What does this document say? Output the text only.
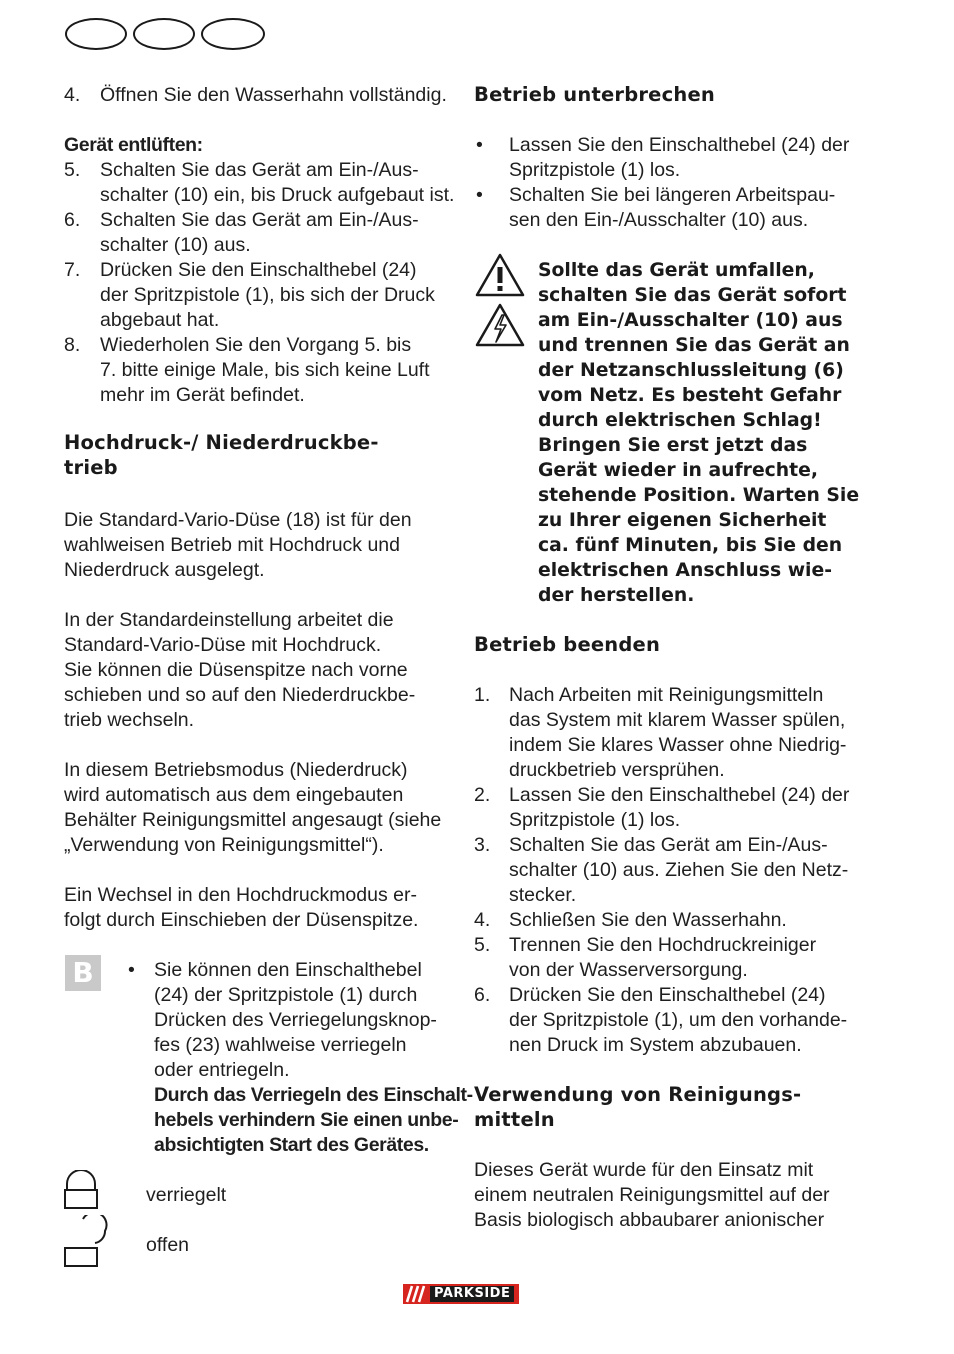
4.	Öffnen Sie den Wasserhahn vollständig.
Gerät entlüften:
5.	Schalten Sie das Gerät am Ein-/Aus-
schalter (10) ein, bis Druck aufgebaut ist.
6.	Schalten Sie das Gerät am Ein-/Aus-
schalter (10) aus.
7.	Drücken Sie den Einschalthebel (24)
der Spritzpistole (1), bis sich der Druck
abgebaut hat.
8.	Wiederholen Sie den Vorgang 5. bis
7. bitte einige Male, bis sich keine Luft
mehr im Gerät befindet.
Hochdruck-/ Niederdruckbe-
trieb
Die Standard-Vario-Düse (18) ist für den
wahlweisen Betrieb mit Hochdruck und
Niederdruck ausgelegt.
In der Standardeinstellung arbeitet die
Standard-Vario-Düse mit Hochdruck.
Sie können die Düsenspitze nach vorne
schieben und so auf den Niederdruckbe-
trieb wechseln.
In diesem Betriebsmodus (Niederdruck)
wird automatisch aus dem eingebauten
Behälter Reinigungsmittel angesaugt (siehe
„Verwendung von Reinigungsmittel“).
Ein Wechsel in den Hochdruckmodus er-
folgt durch Einschieben der Düsenspitze.
• Sie können den Einschalthebel
(24) der Spritzpistole (1) durch
Drücken des Verriegelungsknop-
fes (23) wahlweise verriegeln
oder entriegeln.
Durch das Verriegeln des Einschalt-
hebels verhindern Sie einen unbe-
absichtigten Start des Gerätes.
verriegelt
offen
B
Betrieb unterbrechen
• Lassen Sie den Einschalthebel (24) der
Spritzpistole (1) los.
• Schalten Sie bei längeren Arbeitspau-
sen den Ein-/Ausschalter (10) aus.
Sollte das Gerät umfallen,
schalten Sie das Gerät sofort
am Ein-/Ausschalter (10) aus
und trennen Sie das Gerät an
der Netzanschlussleitung (6)
vom Netz. Es besteht Gefahr
durch elektrischen Schlag!
Bringen Sie erst jetzt das
Gerät wieder in aufrechte,
stehende Position. Warten Sie
zu Ihrer eigenen Sicherheit
ca. fünf Minuten, bis Sie den
elektrischen Anschluss wie-
der herstellen.
Betrieb beenden
1. Nach Arbeiten mit Reinigungsmitteln
das System mit klarem Wasser spülen,
indem Sie klares Wasser ohne Niedrig-
druckbetrieb versprühen.
2. Lassen Sie den Einschalthebel (24) der
Spritzpistole (1) los.
3. Schalten Sie das Gerät am Ein-/Aus-
schalter (10) aus. Ziehen Sie den Netz-
stecker.
4. Schließen Sie den Wasserhahn.
5. Trennen Sie den Hochdruckreiniger
von der Wasserversorgung.
6. Drücken Sie den Einschalthebel (24)
der Spritzpistole (1), um den vorhande-
nen Druck im System abzubauen.
Verwendung von Reinigungs-
mitteln
Dieses Gerät wurde für den Einsatz mit
einem neutralen Reinigungsmittel auf der
Basis biologisch abbaubarer anionischer
PARKSIDE
